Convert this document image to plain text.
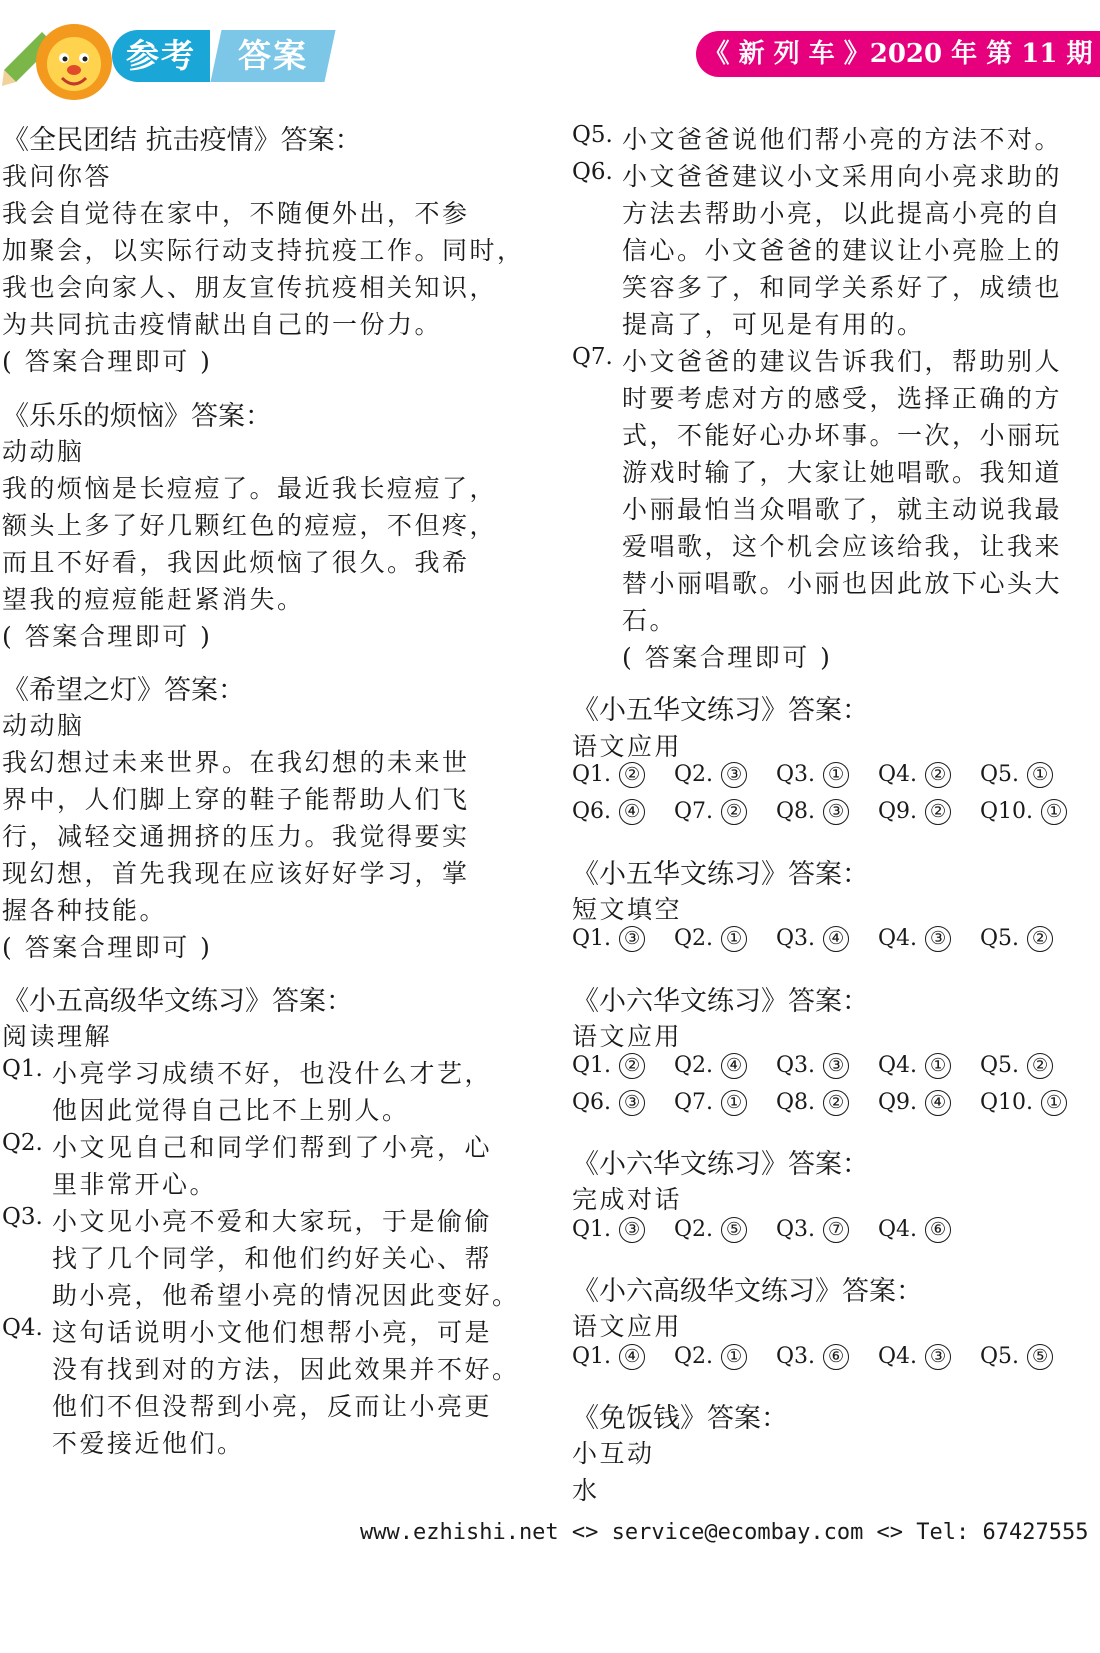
参考	答案	《 新 列 车 》2020 年 第 11 期
《全民团结 抗击疫情》答案：
我问你答
我会自觉待在家中，不随便外出，不参
加聚会，以实际行动支持抗疫工作。同时，
我也会向家人、朋友宣传抗疫相关知识，
为共同抗击疫情献出自己的一份力。
( 答案合理即可 )
《乐乐的烦恼》答案：
动动脑
我的烦恼是长痘痘了。最近我长痘痘了，
额头上多了好几颗红色的痘痘，不但疼，
而且不好看，我因此烦恼了很久。我希
望我的痘痘能赶紧消失。
( 答案合理即可 )
《希望之灯》答案：
动动脑
我幻想过未来世界。在我幻想的未来世
界中，人们脚上穿的鞋子能帮助人们飞
行，减轻交通拥挤的压力。我觉得要实
现幻想，首先我现在应该好好学习，掌
握各种技能。
( 答案合理即可 )
《小五高级华文练习》答案：
阅读理解
Q1. 小亮学习成绩不好，也没什么才艺，
他因此觉得自己比不上别人。
Q2. 小文见自己和同学们帮到了小亮，心
里非常开心。
Q3. 小文见小亮不爱和大家玩，于是偷偷
找了几个同学，和他们约好关心、帮
助小亮，他希望小亮的情况因此变好。
Q4. 这句话说明小文他们想帮小亮，可是
没有找到对的方法，因此效果并不好。
他们不但没帮到小亮，反而让小亮更
不爱接近他们。
Q5. 小文爸爸说他们帮小亮的方法不对。
Q6. 小文爸爸建议小文采用向小亮求助的
方法去帮助小亮，以此提高小亮的自
信心。小文爸爸的建议让小亮脸上的
笑容多了，和同学关系好了，成绩也
提高了，可见是有用的。
Q7. 小文爸爸的建议告诉我们，帮助别人
时要考虑对方的感受，选择正确的方
式，不能好心办坏事。一次，小丽玩
游戏时输了，大家让她唱歌。我知道
小丽最怕当众唱歌了，就主动说我最
爱唱歌，这个机会应该给我，让我来
替小丽唱歌。小丽也因此放下心头大
石。
( 答案合理即可 )
《小五华文练习》答案：
语文应用
Q1. ② Q2. ③ Q3. ① Q4. ② Q5. ①
Q6. ④ Q7. ② Q8. ③ Q9. ② Q10. ①
《小五华文练习》答案：
短文填空
Q1. ③ Q2. ① Q3. ④ Q4. ③ Q5. ②
《小六华文练习》答案：
语文应用
Q1. ② Q2. ④ Q3. ③ Q4. ① Q5. ②
Q6. ③ Q7. ① Q8. ② Q9. ④ Q10. ①
《小六华文练习》答案：
完成对话
Q1. ③ Q2. ⑤ Q3. ⑦ Q4. ⑥
《小六高级华文练习》答案：
语文应用
Q1. ④ Q2. ① Q3. ⑥ Q4. ③ Q5. ⑤
《免饭钱》答案：
小互动
水
www.ezhishi.net <> service@ecombay.com <> Tel: 67427555
